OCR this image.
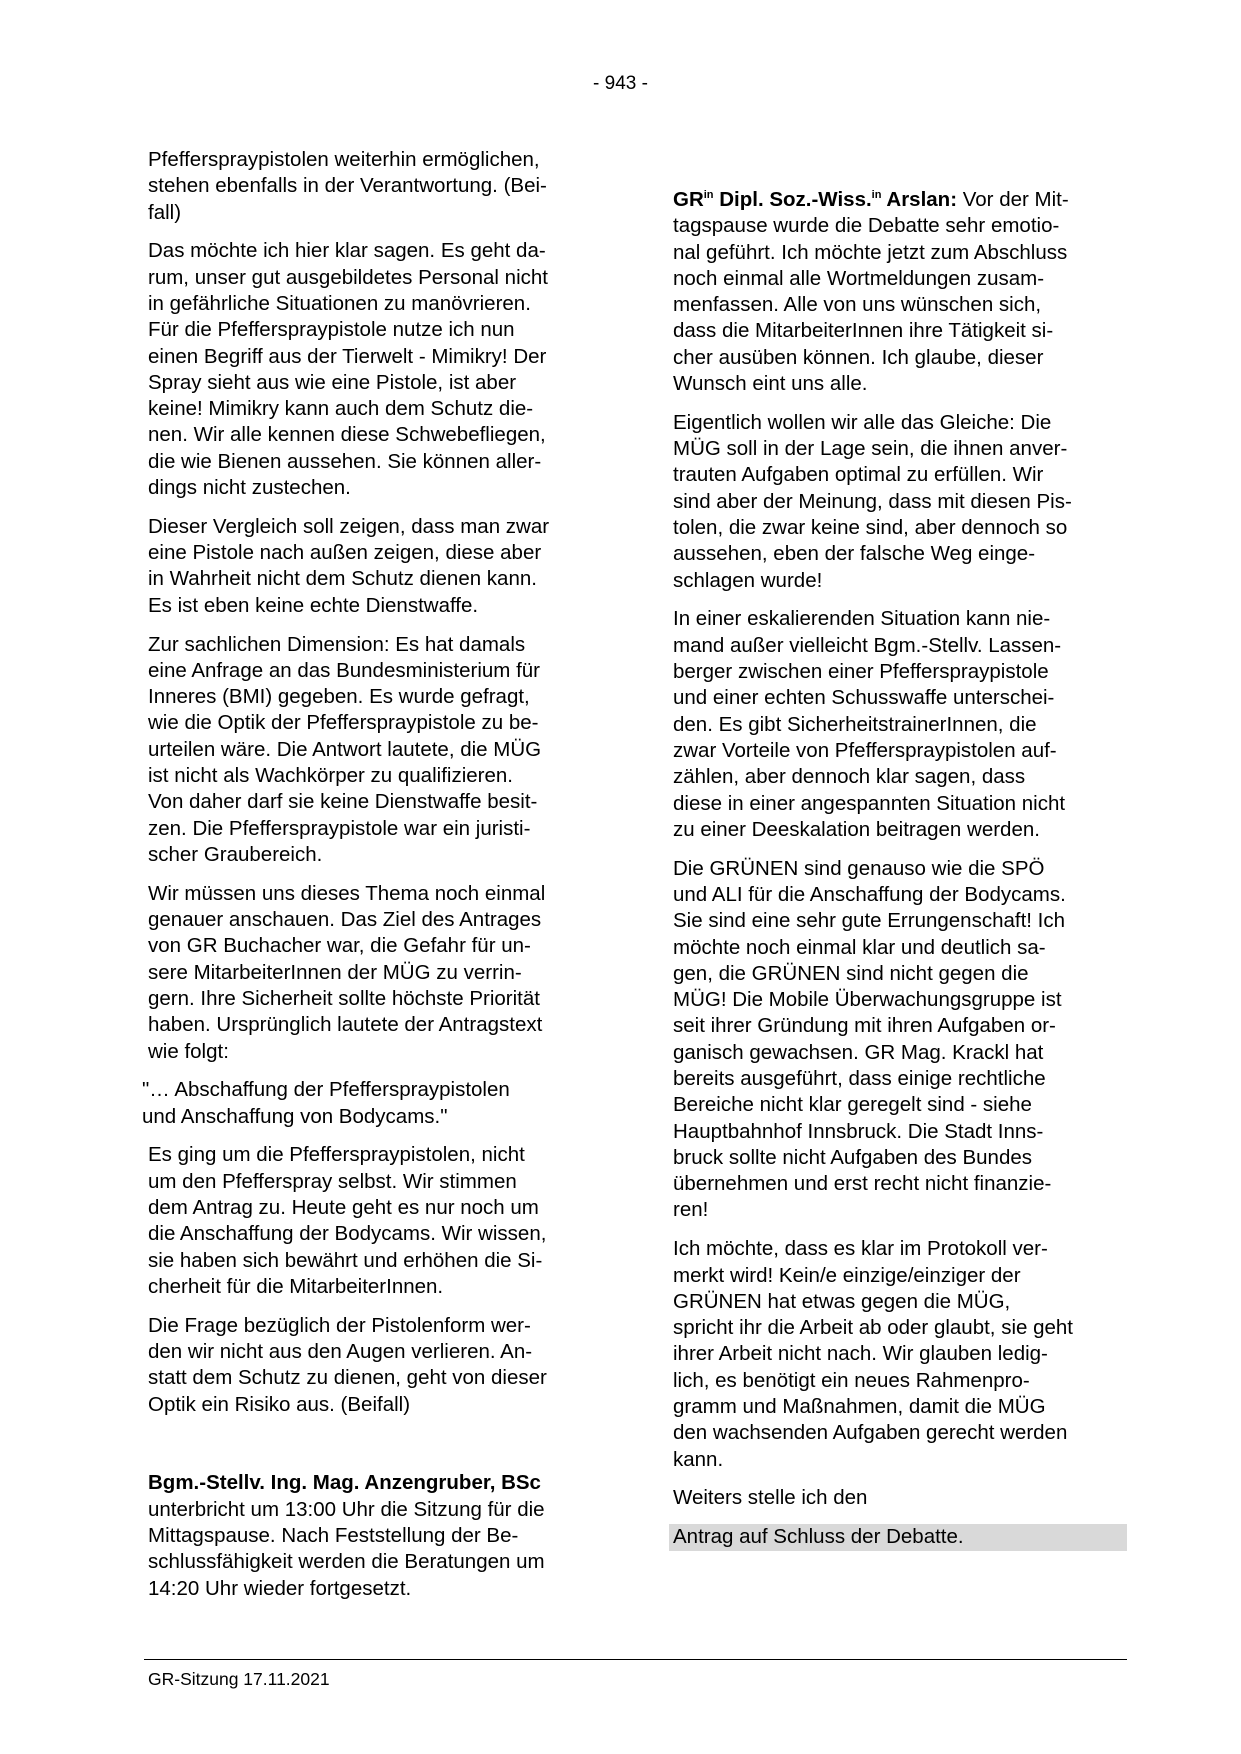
- 943 -
Pfefferspraypistolen weiterhin ermöglichen,
stehen ebenfalls in der Verantwortung. (Bei-
fall)
Das möchte ich hier klar sagen. Es geht da-
rum, unser gut ausgebildetes Personal nicht
in gefährliche Situationen zu manövrieren.
Für die Pfefferspraypistole nutze ich nun
einen Begriff aus der Tierwelt - Mimikry! Der
Spray sieht aus wie eine Pistole, ist aber
keine! Mimikry kann auch dem Schutz die-
nen. Wir alle kennen diese Schwebefliegen,
die wie Bienen aussehen. Sie können aller-
dings nicht zustechen.
Dieser Vergleich soll zeigen, dass man zwar
eine Pistole nach außen zeigen, diese aber
in Wahrheit nicht dem Schutz dienen kann.
Es ist eben keine echte Dienstwaffe.
Zur sachlichen Dimension: Es hat damals
eine Anfrage an das Bundesministerium für
Inneres (BMI) gegeben. Es wurde gefragt,
wie die Optik der Pfefferspraypistole zu be-
urteilen wäre. Die Antwort lautete, die MÜG
ist nicht als Wachkörper zu qualifizieren.
Von daher darf sie keine Dienstwaffe besit-
zen. Die Pfefferspraypistole war ein juristi-
scher Graubereich.
Wir müssen uns dieses Thema noch einmal
genauer anschauen. Das Ziel des Antrages
von GR Buchacher war, die Gefahr für un-
sere MitarbeiterInnen der MÜG zu verrin-
gern. Ihre Sicherheit sollte höchste Priorität
haben. Ursprünglich lautete der Antragstext
wie folgt:
"… Abschaffung der Pfefferspraypistolen
und Anschaffung von Bodycams."
Es ging um die Pfefferspraypistolen, nicht
um den Pfefferspray selbst. Wir stimmen
dem Antrag zu. Heute geht es nur noch um
die Anschaffung der Bodycams. Wir wissen,
sie haben sich bewährt und erhöhen die Si-
cherheit für die MitarbeiterInnen.
Die Frage bezüglich der Pistolenform wer-
den wir nicht aus den Augen verlieren. An-
statt dem Schutz zu dienen, geht von dieser
Optik ein Risiko aus. (Beifall)
Bgm.-Stellv. Ing. Mag. Anzengruber, BSc
unterbricht um 13:00 Uhr die Sitzung für die
Mittagspause. Nach Feststellung der Be-
schlussfähigkeit werden die Beratungen um
14:20 Uhr wieder fortgesetzt.
$GR^{in}$ Dipl. Soz.-Wiss.$^{in}$ Arslan: Vor der Mit-
tagspause wurde die Debatte sehr emotio-
nal geführt. Ich möchte jetzt zum Abschluss
noch einmal alle Wortmeldungen zusam-
menfassen. Alle von uns wünschen sich,
dass die MitarbeiterInnen ihre Tätigkeit si-
cher ausüben können. Ich glaube, dieser
Wunsch eint uns alle.
Eigentlich wollen wir alle das Gleiche: Die
MÜG soll in der Lage sein, die ihnen anver-
trauten Aufgaben optimal zu erfüllen. Wir
sind aber der Meinung, dass mit diesen Pis-
tolen, die zwar keine sind, aber dennoch so
aussehen, eben der falsche Weg einge-
schlagen wurde!
In einer eskalierenden Situation kann nie-
mand außer vielleicht Bgm.-Stellv. Lassen-
berger zwischen einer Pfefferspraypistole
und einer echten Schusswaffe unterschei-
den. Es gibt SicherheitstrainerInnen, die
zwar Vorteile von Pfefferspraypistolen auf-
zählen, aber dennoch klar sagen, dass
diese in einer angespannten Situation nicht
zu einer Deeskalation beitragen werden.
Die GRÜNEN sind genauso wie die SPÖ
und ALI für die Anschaffung der Bodycams.
Sie sind eine sehr gute Errungenschaft! Ich
möchte noch einmal klar und deutlich sa-
gen, die GRÜNEN sind nicht gegen die
MÜG! Die Mobile Überwachungsgruppe ist
seit ihrer Gründung mit ihren Aufgaben or-
ganisch gewachsen. GR Mag. Krackl hat
bereits ausgeführt, dass einige rechtliche
Bereiche nicht klar geregelt sind - siehe
Hauptbahnhof Innsbruck. Die Stadt Inns-
bruck sollte nicht Aufgaben des Bundes
übernehmen und erst recht nicht finanzie-
ren!
Ich möchte, dass es klar im Protokoll ver-
merkt wird! Kein/e einzige/einziger der
GRÜNEN hat etwas gegen die MÜG,
spricht ihr die Arbeit ab oder glaubt, sie geht
ihrer Arbeit nicht nach. Wir glauben ledig-
lich, es benötigt ein neues Rahmenpro-
gramm und Maßnahmen, damit die MÜG
den wachsenden Aufgaben gerecht werden
kann.
Weiters stelle ich den
Antrag auf Schluss der Debatte.
GR-Sitzung 17.11.2021
